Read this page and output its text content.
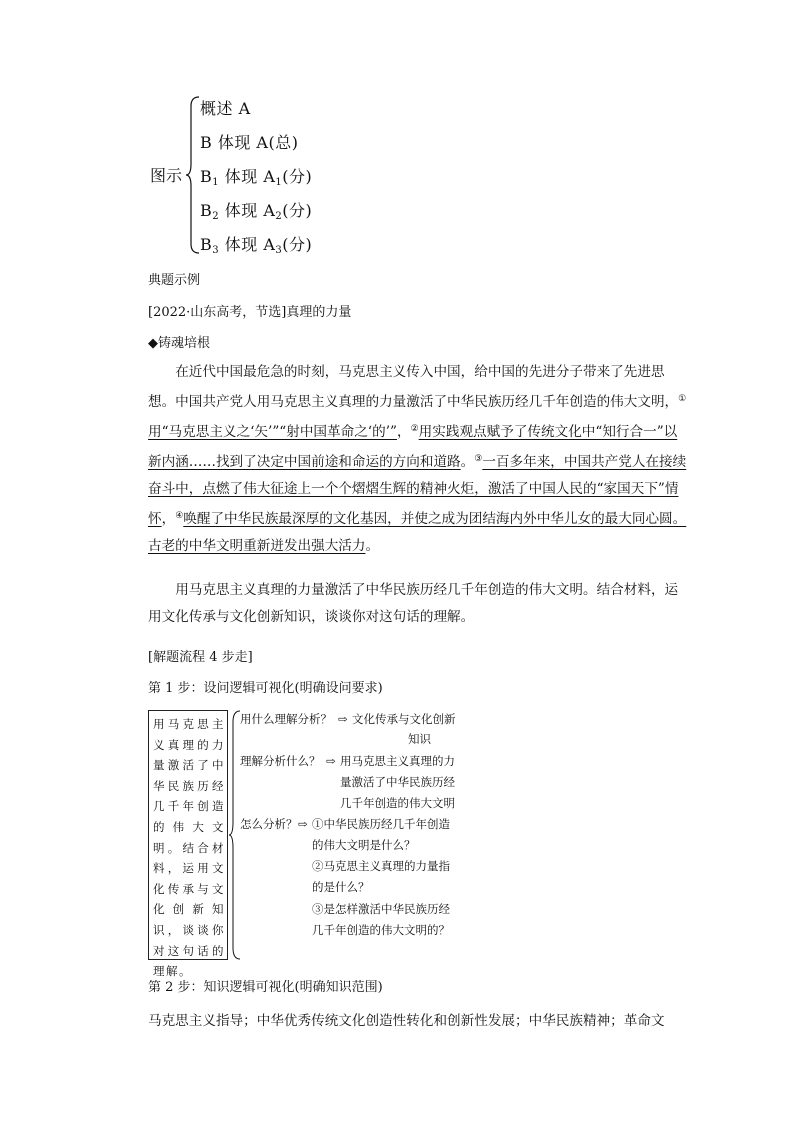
图示
概述 A
B 体现 A(总)
$B_1$ 体现 $A_1$(分)
$B_2$ 体现 $A_2$(分)
$B_3$ 体现 $A_3$(分)
典题示例
[2022·山东高考，节选]真理的力量
◆铸魂培根

在近代中国最危急的时刻，马克思主义传入中国，给中国的先进分子带来了先进思想。中国共产党人用马克思主义真理的力量激活了中华民族历经几千年创造的伟大文明，①用“马克思主义之‘矢’”“射中国革命之‘的’”，②用实践观点赋予了传统文化中“知行合一”以新内涵……找到了决定中国前途和命运的方向和道路。③一百多年来，中国共产党人在接续奋斗中，点燃了伟大征途上一个个熠熠生辉的精神火炬，激活了中国人民的“家国天下”情怀，④唤醒了中华民族最深厚的文化基因，并使之成为团结海内外中华儿女的最大同心圆。古老的中华文明重新迸发出强大活力。

用马克思主义真理的力量激活了中华民族历经几千年创造的伟大文明。结合材料，运用文化传承与文化创新知识，谈谈你对这句话的理解。

[解题流程 4 步走]
第 1 步：设问逻辑可视化(明确设问要求)
用马克思主义真理的力量激活了中华民族历经几千年创造的伟大文明。结合材料，运用文化传承与文化创新知识，谈谈你对这句话的理解。
用什么理解分析？ ⇨ 文化传承与文化创新
知识
理解分析什么？ ⇨ 用马克思主义真理的力
量激活了中华民族历经
几千年创造的伟大文明
怎么分析？ ⇨ ①中华民族历经几千年创造
的伟大文明是什么？
②马克思主义真理的力量指
的是什么？
③是怎样激活中华民族历经
几千年创造的伟大文明的？
第 2 步：知识逻辑可视化(明确知识范围)
马克思主义指导；中华优秀传统文化创造性转化和创新性发展；中华民族精神；革命文
